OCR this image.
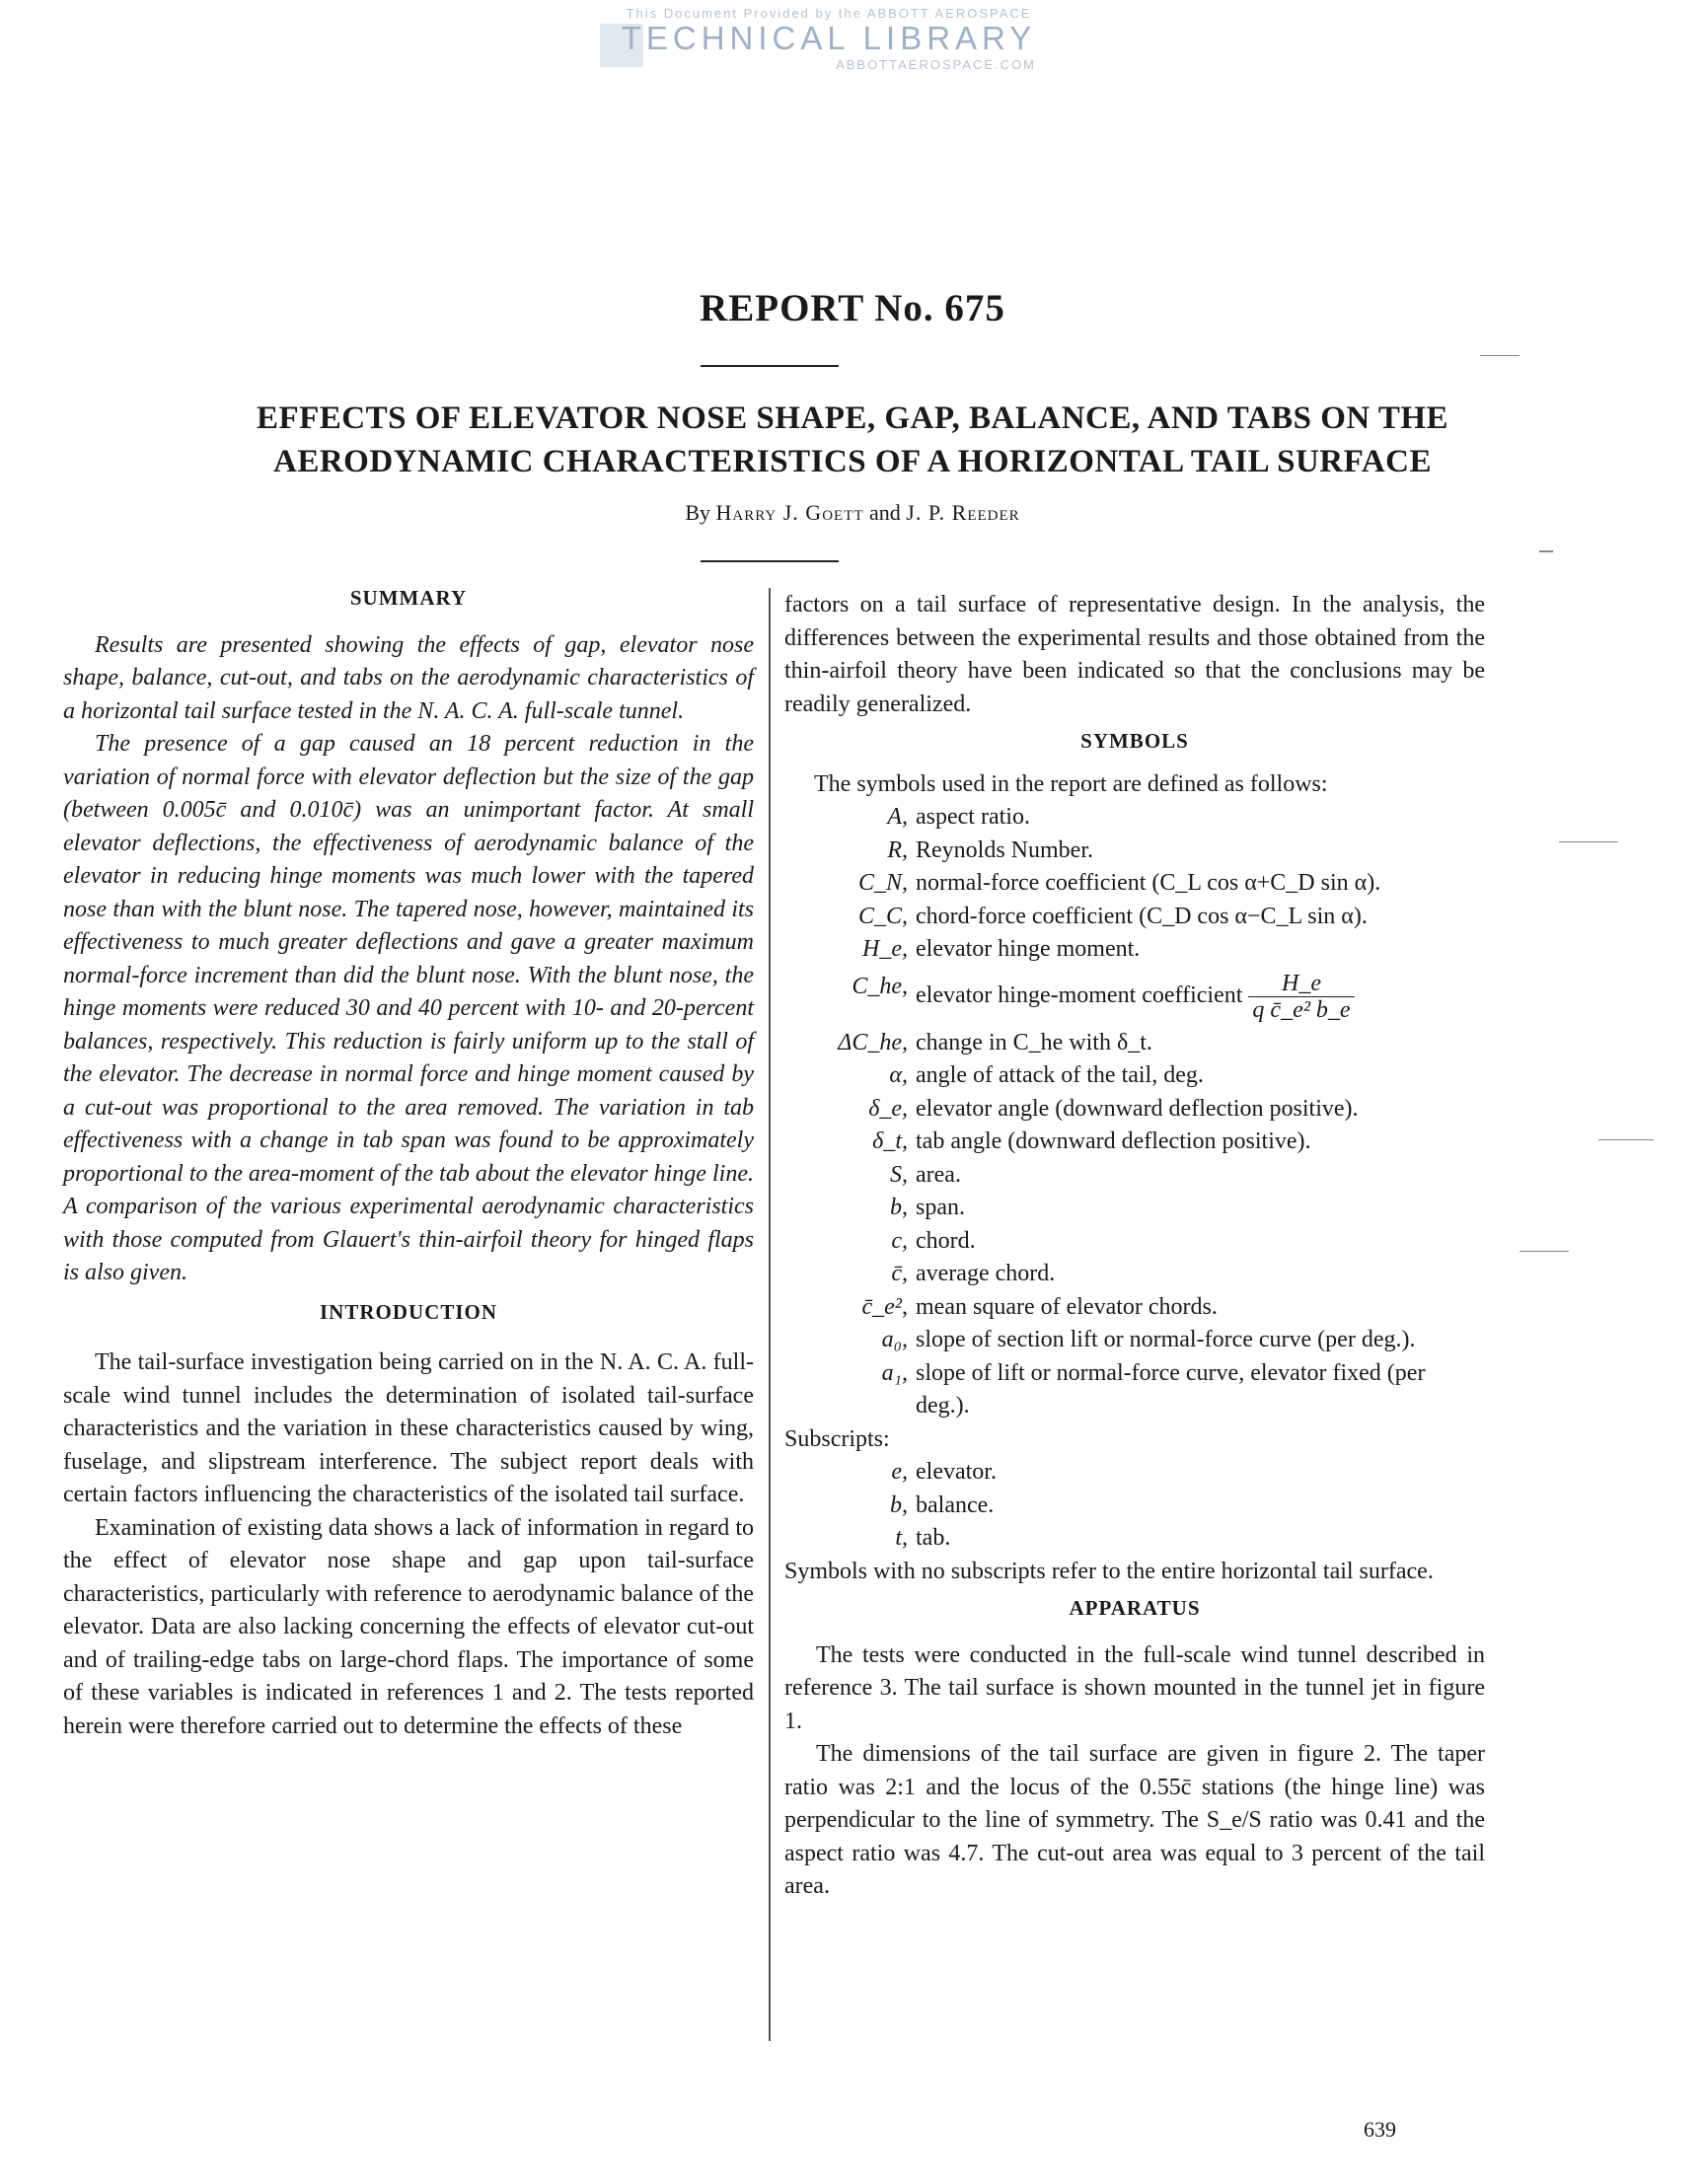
This Document Provided by the ABBOTT AEROSPACE
TECHNICAL LIBRARY
ABBOTTAEROSPACE.COM
REPORT No. 675
EFFECTS OF ELEVATOR NOSE SHAPE, GAP, BALANCE, AND TABS ON THE
AERODYNAMIC CHARACTERISTICS OF A HORIZONTAL TAIL SURFACE
By Harry J. Goett and J. P. Reeder
SUMMARY

Results are presented showing the effects of gap, elevator nose shape, balance, cut-out, and tabs on the aerodynamic characteristics of a horizontal tail surface tested in the N. A. C. A. full-scale tunnel.

The presence of a gap caused an 18 percent reduction in the variation of normal force with elevator deflection but the size of the gap (between 0.005c̄ and 0.010c̄) was an unimportant factor. At small elevator deflections, the effectiveness of aerodynamic balance of the elevator in reducing hinge moments was much lower with the tapered nose than with the blunt nose. The tapered nose, however, maintained its effectiveness to much greater deflections and gave a greater maximum normal-force increment than did the blunt nose. With the blunt nose, the hinge moments were reduced 30 and 40 percent with 10- and 20-percent balances, respectively. This reduction is fairly uniform up to the stall of the elevator. The decrease in normal force and hinge moment caused by a cut-out was proportional to the area removed. The variation in tab effectiveness with a change in tab span was found to be approximately proportional to the area-moment of the tab about the elevator hinge line. A comparison of the various experimental aerodynamic characteristics with those computed from Glauert's thin-airfoil theory for hinged flaps is also given.

INTRODUCTION

The tail-surface investigation being carried on in the N. A. C. A. full-scale wind tunnel includes the determination of isolated tail-surface characteristics and the variation in these characteristics caused by wing, fuselage, and slipstream interference. The subject report deals with certain factors influencing the characteristics of the isolated tail surface.

Examination of existing data shows a lack of information in regard to the effect of elevator nose shape and gap upon tail-surface characteristics, particularly with reference to aerodynamic balance of the elevator. Data are also lacking concerning the effects of elevator cut-out and of trailing-edge tabs on large-chord flaps. The importance of some of these variables is indicated in references 1 and 2. The tests reported herein were therefore carried out to determine the effects of these

factors on a tail surface of representative design. In the analysis, the differences between the experimental results and those obtained from the thin-airfoil theory have been indicated so that the conclusions may be readily generalized.

SYMBOLS
The symbols used in the report are defined as follows:
A, aspect ratio.
R, Reynolds Number.
C_N, normal-force coefficient (C_L cos α+C_D sin α).
C_C, chord-force coefficient (C_D cos α−C_L sin α).
H_e, elevator hinge moment.
C_he, elevator hinge-moment coefficient $\frac{H\_e}{\text{q c̄\_e² b\_e}}$
ΔC_he, change in C_he with δ_t.
α, angle of attack of the tail, deg.
δ_e, elevator angle (downward deflection positive).
δ_t, tab angle (downward deflection positive).
S, area.
b, span.
c, chord.
c̄, average chord.
c̄_e², mean square of elevator chords.
a₀, slope of section lift or normal-force curve (per deg.).
a₁, slope of lift or normal-force curve, elevator fixed (per deg.).
Subscripts:
e, elevator.
b, balance.
t, tab.
Symbols with no subscripts refer to the entire horizontal tail surface.
APPARATUS

The tests were conducted in the full-scale wind tunnel described in reference 3. The tail surface is shown mounted in the tunnel jet in figure 1.

The dimensions of the tail surface are given in figure 2. The taper ratio was 2:1 and the locus of the 0.55c̄ stations (the hinge line) was perpendicular to the line of symmetry. The S_e/S ratio was 0.41 and the aspect ratio was 4.7. The cut-out area was equal to 3 percent of the tail area.

639
